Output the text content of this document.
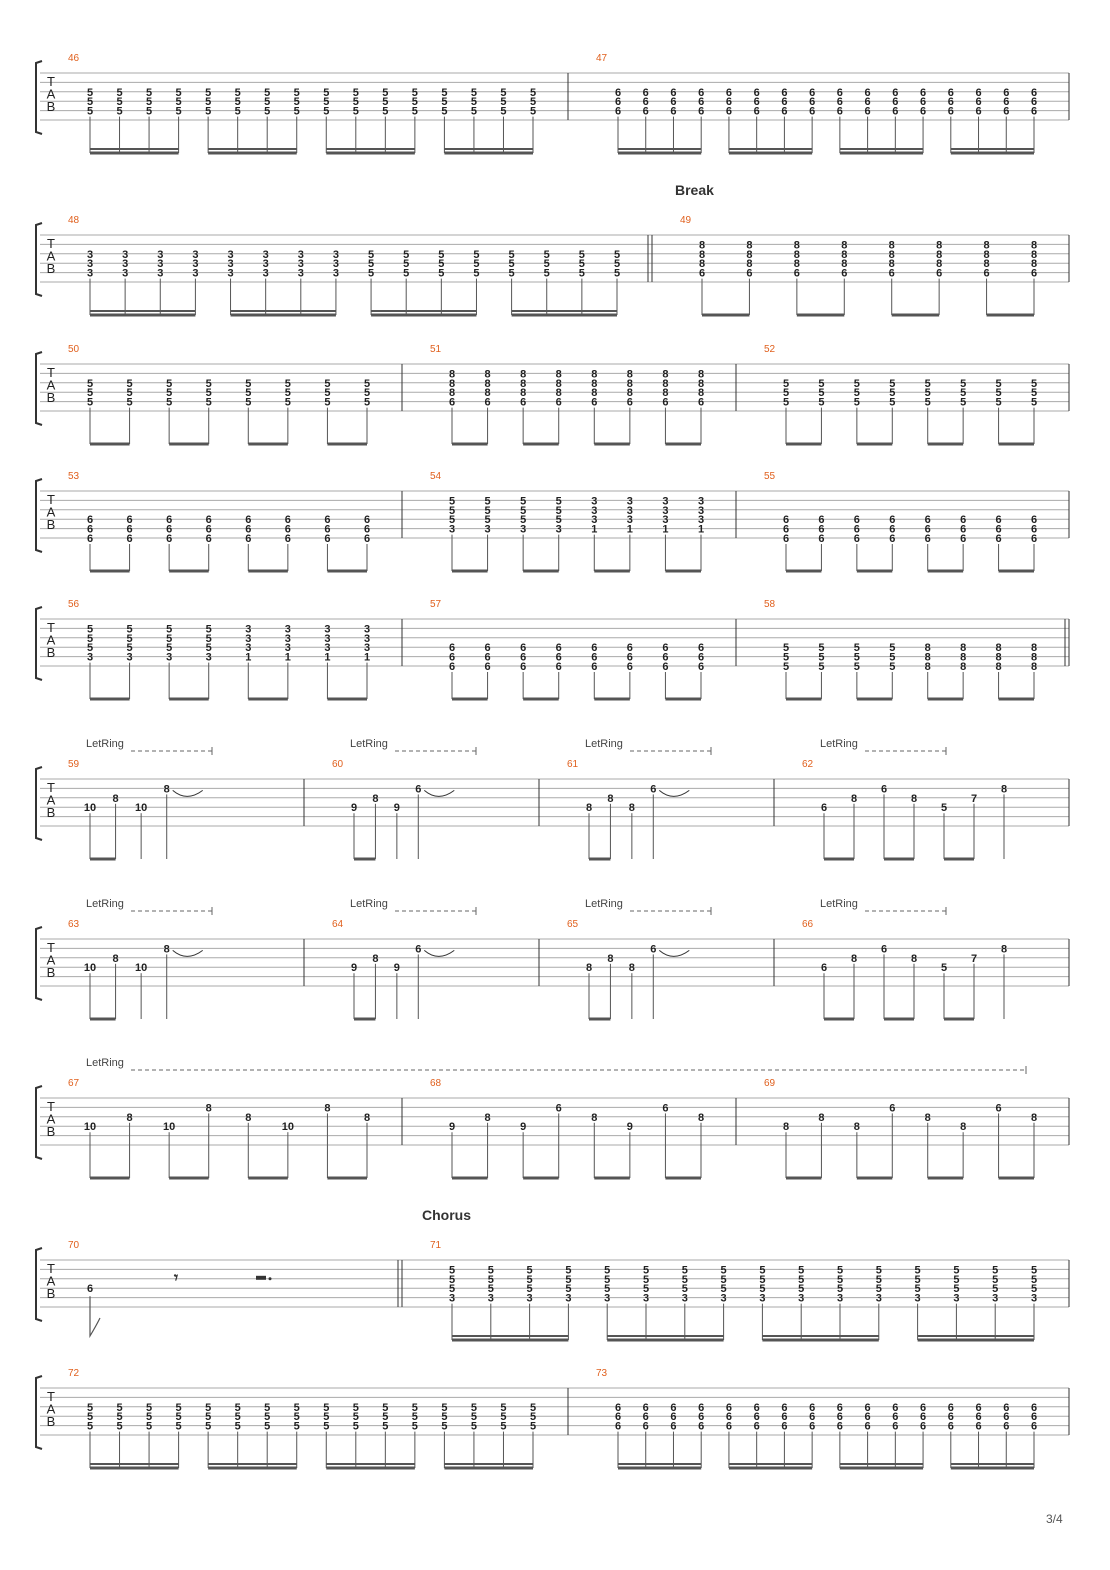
Break
Chorus
T
A
B
46
5
5
5
5
5
5
5
5
5
5
5
5
5
5
5
5
5
5
5
5
5
5
5
5
5
5
5
5
5
5
5
5
5
5
5
5
5
5
5
5
5
5
5
5
5
5
5
5
47
6
6
6
6
6
6
6
6
6
6
6
6
6
6
6
6
6
6
6
6
6
6
6
6
6
6
6
6
6
6
6
6
6
6
6
6
6
6
6
6
6
6
6
6
6
6
6
6
T
A
B
48
3
3
3
3
3
3
3
3
3
3
3
3
3
3
3
3
3
3
3
3
3
3
3
3
5
5
5
5
5
5
5
5
5
5
5
5
5
5
5
5
5
5
5
5
5
5
5
5
49
8
8
8
6
8
8
8
6
8
8
8
6
8
8
8
6
8
8
8
6
8
8
8
6
8
8
8
6
8
8
8
6
T
A
B
50
5
5
5
5
5
5
5
5
5
5
5
5
5
5
5
5
5
5
5
5
5
5
5
5
51
8
8
8
6
8
8
8
6
8
8
8
6
8
8
8
6
8
8
8
6
8
8
8
6
8
8
8
6
8
8
8
6
52
5
5
5
5
5
5
5
5
5
5
5
5
5
5
5
5
5
5
5
5
5
5
5
5
T
A
B
53
6
6
6
6
6
6
6
6
6
6
6
6
6
6
6
6
6
6
6
6
6
6
6
6
54
5
5
5
3
5
5
5
3
5
5
5
3
5
5
5
3
3
3
3
1
3
3
3
1
3
3
3
1
3
3
3
1
55
6
6
6
6
6
6
6
6
6
6
6
6
6
6
6
6
6
6
6
6
6
6
6
6
T
A
B
56
5
5
5
3
5
5
5
3
5
5
5
3
5
5
5
3
3
3
3
1
3
3
3
1
3
3
3
1
3
3
3
1
57
6
6
6
6
6
6
6
6
6
6
6
6
6
6
6
6
6
6
6
6
6
6
6
6
58
5
5
5
5
5
5
5
5
5
5
5
5
8
8
8
8
8
8
8
8
8
8
8
8
T
A
B
59
10
8
10
8
LetRing
60
9
8
9
6
LetRing
61
8
8
8
6
LetRing
62
6
8
6
8
5
7
8
LetRing
T
A
B
63
10
8
10
8
LetRing
64
9
8
9
6
LetRing
65
8
8
8
6
LetRing
66
6
8
6
8
5
7
8
LetRing
T
A
B
67
10
8
10
8
8
10
8
8
68
9
8
9
6
8
9
6
8
69
8
8
8
6
8
8
6
8
LetRing
T
A
B
70
6
𝄾
71
5
5
5
3
5
5
5
3
5
5
5
3
5
5
5
3
5
5
5
3
5
5
5
3
5
5
5
3
5
5
5
3
5
5
5
3
5
5
5
3
5
5
5
3
5
5
5
3
5
5
5
3
5
5
5
3
5
5
5
3
5
5
5
3
T
A
B
72
5
5
5
5
5
5
5
5
5
5
5
5
5
5
5
5
5
5
5
5
5
5
5
5
5
5
5
5
5
5
5
5
5
5
5
5
5
5
5
5
5
5
5
5
5
5
5
5
73
6
6
6
6
6
6
6
6
6
6
6
6
6
6
6
6
6
6
6
6
6
6
6
6
6
6
6
6
6
6
6
6
6
6
6
6
6
6
6
6
6
6
6
6
6
6
6
6
3/4
